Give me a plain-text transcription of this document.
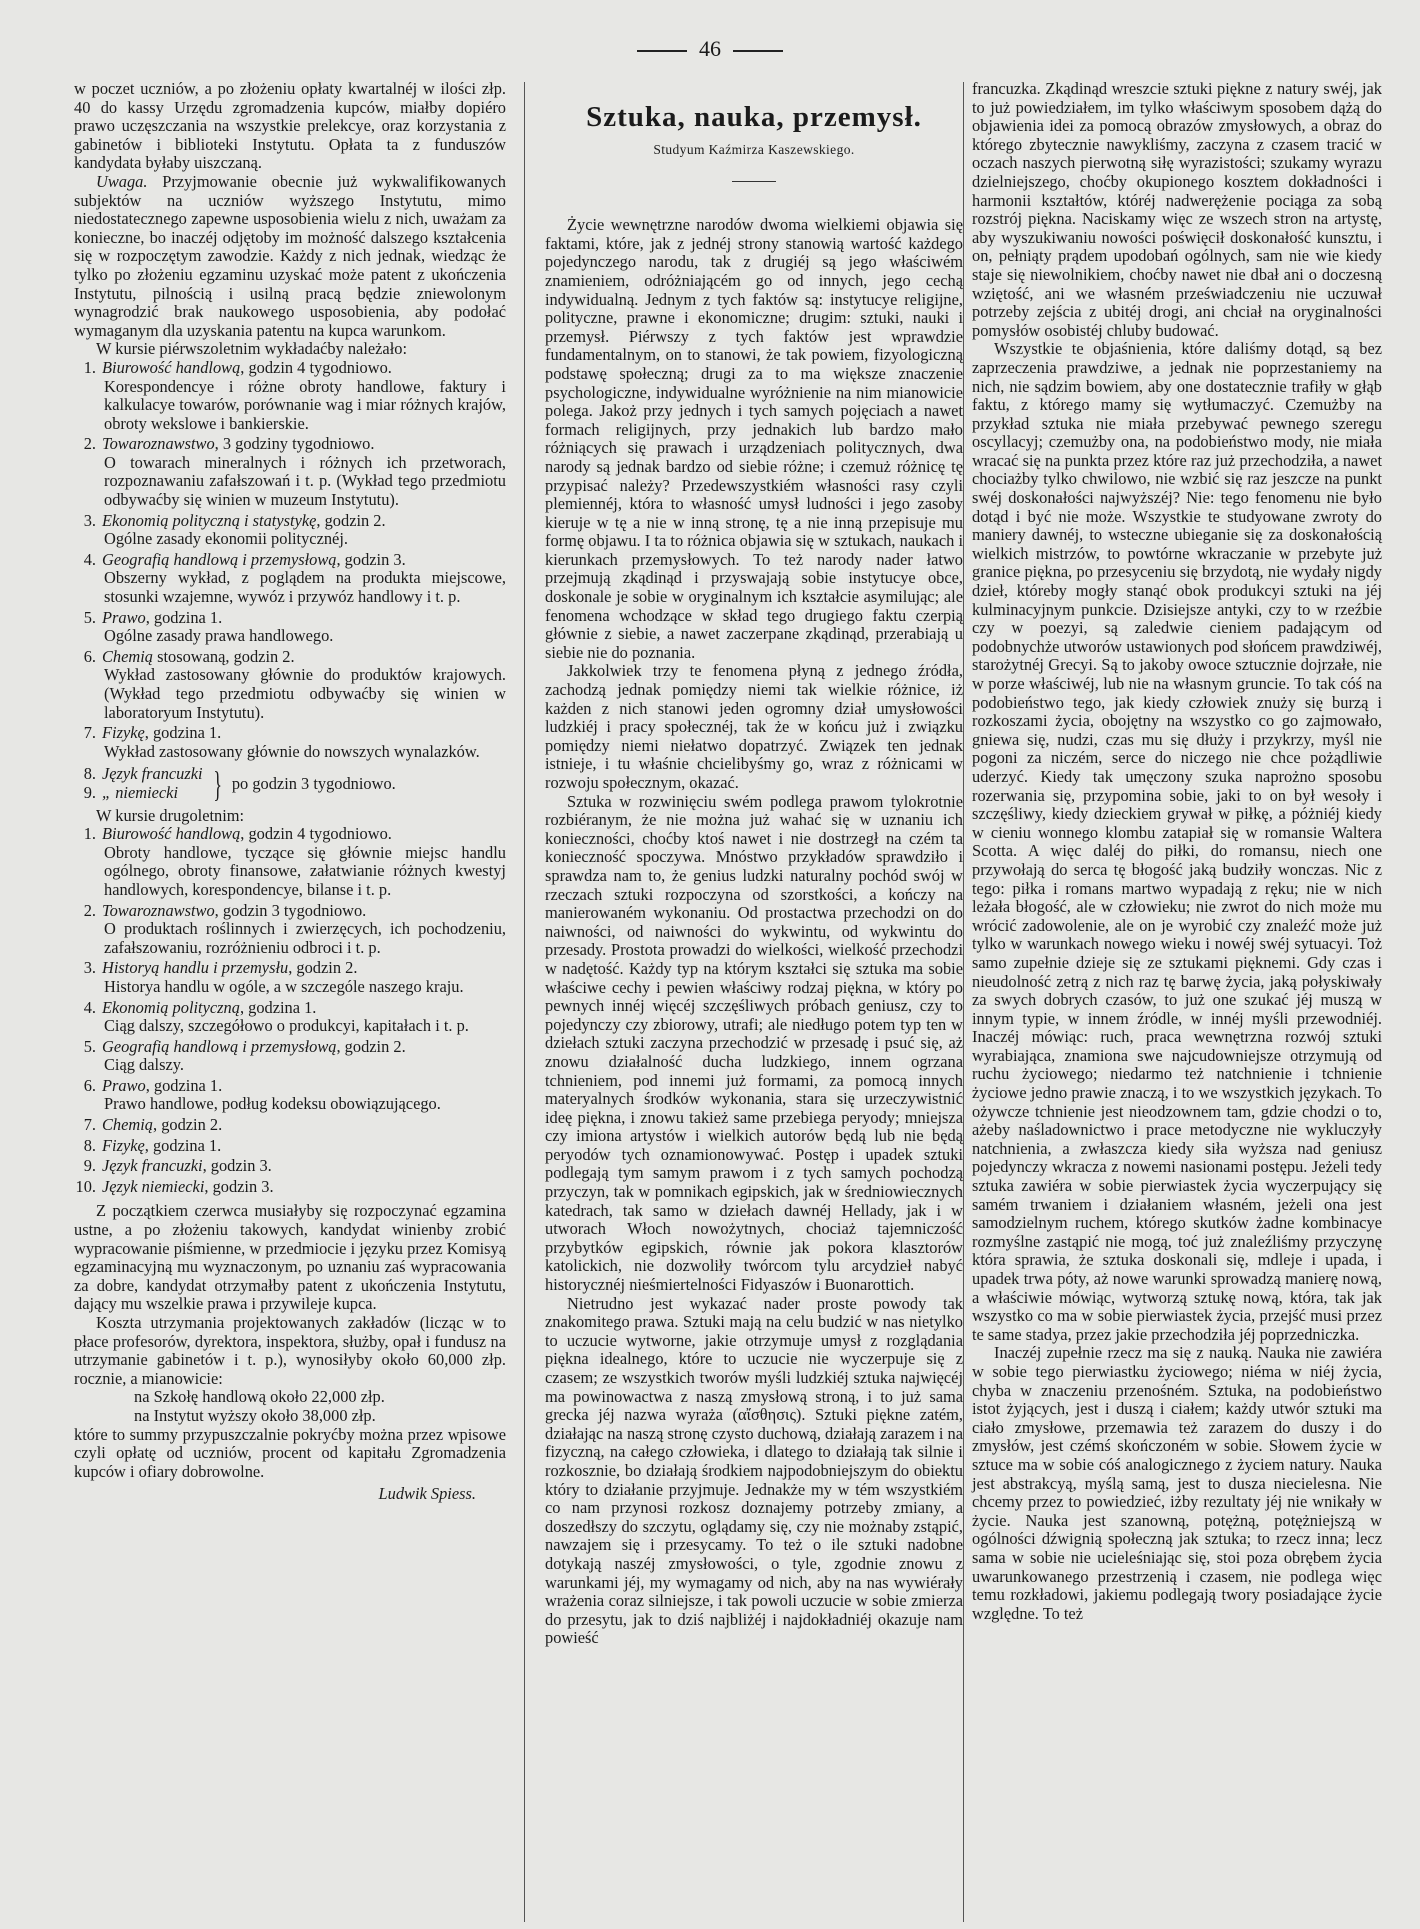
46

w poczet uczniów, a po złożeniu opłaty kwartalnéj w ilości złp. 40 do kassy Urzędu zgromadzenia kupców, miałby dopiéro prawo uczęszczania na wszystkie prelekcye, oraz korzystania z gabinetów i biblioteki Instytutu. Opłata ta z funduszów kandydata byłaby uiszczaną.

Uwaga. Przyjmowanie obecnie już wykwalifikowanych subjektów na uczniów wyższego Instytutu, mimo niedostatecznego zapewne usposobienia wielu z nich, uważam za konieczne, bo inaczéj odjętoby im możność dalszego kształcenia się w rozpoczętym zawodzie. Każdy z nich jednak, wiedząc że tylko po złożeniu egzaminu uzyskać może patent z ukończenia Instytutu, pilnością i usilną pracą będzie zniewolonym wynagrodzić brak naukowego usposobienia, aby podołać wymaganym dla uzyskania patentu na kupca warunkom.

W kursie piérwszoletnim wykładaćby należało:

1. Biurowość handlową, godzin 4 tygodniowo.
Korespondencye i różne obroty handlowe, faktury i kalkulacye towarów, porównanie wag i miar różnych krajów, obroty wekslowe i bankierskie.
2. Towaroznawstwo, 3 godziny tygodniowo.
O towarach mineralnych i różnych ich przetworach, rozpoznawaniu zafałszowań i t. p. (Wykład tego przedmiotu odbywaćby się winien w muzeum Instytutu).
3. Ekonomią polityczną i statystykę, godzin 2.
Ogólne zasady ekonomii politycznéj.
4. Geografią handlową i przemysłową, godzin 3.
Obszerny wykład, z poglądem na produkta miejscowe, stosunki wzajemne, wywóz i przywóz handlowy i t. p.
5. Prawo, godzina 1.
Ogólne zasady prawa handlowego.
6. Chemią stosowaną, godzin 2.
Wykład zastosowany głównie do produktów krajowych. (Wykład tego przedmiotu odbywaćby się winien w laboratoryum Instytutu).
7. Fizykę, godzina 1.
Wykład zastosowany głównie do nowszych wynalazków.
8. Język francuzki
9. „ niemiecki } po godzin 3 tygodniowo.

W kursie drugoletnim:

1. Biurowość handlową, godzin 4 tygodniowo.
Obroty handlowe, tyczące się głównie miejsc handlu ogólnego, obroty finansowe, załatwianie różnych kwestyj handlowych, korespondencye, bilanse i t. p.
2. Towaroznawstwo, godzin 3 tygodniowo.
O produktach roślinnych i zwierzęcych, ich pochodzeniu, zafałszowaniu, rozróżnieniu odbroci i t. p.
3. Historyą handlu i przemysłu, godzin 2.
Historya handlu w ogóle, a w szczególe naszego kraju.
4. Ekonomią polityczną, godzina 1.
Ciąg dalszy, szczegółowo o produkcyi, kapitałach i t. p.
5. Geografią handlową i przemysłową, godzin 2.
Ciąg dalszy.
6. Prawo, godzina 1.
Prawo handlowe, podług kodeksu obowiązującego.
7. Chemią, godzin 2.
8. Fizykę, godzina 1.
9. Język francuzki, godzin 3.
10. Język niemiecki, godzin 3.

Z początkiem czerwca musiałyby się rozpoczynać egzamina ustne, a po złożeniu takowych, kandydat winienby zrobić wypracowanie piśmienne, w przedmiocie i języku przez Komisyą egzaminacyjną mu wyznaczonym, po uznaniu zaś wypracowania za dobre, kandydat otrzymałby patent z ukończenia Instytutu, dający mu wszelkie prawa i przywileje kupca.

Koszta utrzymania projektowanych zakładów (licząc w to płace profesorów, dyrektora, inspektora, służby, opał i fundusz na utrzymanie gabinetów i t. p.), wynosiłyby około 60,000 złp. rocznie, a mianowicie:

na Szkołę handlową około 22,000 złp.

na Instytut wyższy około 38,000 złp.

które to summy przypuszczalnie pokryćby można przez wpisowe czyli opłatę od uczniów, procent od kapitału Zgromadzenia kupców i ofiary dobrowolne.

Ludwik Spiess.
Sztuka, nauka, przemysł.
Studyum Kaźmirza Kaszewskiego.

Życie wewnętrzne narodów dwoma wielkiemi objawia się faktami, które, jak z jednéj strony stanowią wartość każdego pojedynczego narodu, tak z drugiéj są jego właściwém znamieniem, odróżniającém go od innych, jego cechą indywidualną. Jednym z tych faktów są: instytucye religijne, polityczne, prawne i ekonomiczne; drugim: sztuki, nauki i przemysł. Piérwszy z tych faktów jest wprawdzie fundamentalnym, on to stanowi, że tak powiem, fizyologiczną podstawę społeczną; drugi za to ma większe znaczenie psychologiczne, indywidualne wyróżnienie na nim mianowicie polega. Jakoż przy jednych i tych samych pojęciach a nawet formach religijnych, przy jednakich lub bardzo mało różniących się prawach i urządzeniach politycznych, dwa narody są jednak bardzo od siebie różne; i czemuż różnicę tę przypisać należy? Przedewszystkiém własności rasy czyli plemiennéj, która to własność umysł ludności i jego zasoby kieruje w tę a nie w inną stronę, tę a nie inną przepisuje mu formę objawu. I ta to różnica objawia się w sztukach, naukach i kierunkach przemysłowych. To też narody nader łatwo przejmują zkądinąd i przyswajają sobie instytucye obce, doskonale je sobie w oryginalnym ich kształcie asymilując; ale fenomena wchodzące w skład tego drugiego faktu czerpią głównie z siebie, a nawet zaczerpane zkądinąd, przerabiają u siebie nie do poznania.

Jakkolwiek trzy te fenomena płyną z jednego źródła, zachodzą jednak pomiędzy niemi tak wielkie różnice, iż każden z nich stanowi jeden ogromny dział umysłowości ludzkiéj i pracy społecznéj, tak że w końcu już i związku pomiędzy niemi niełatwo dopatrzyć. Związek ten jednak istnieje, i tu właśnie chcielibyśmy go, wraz z różnicami w rozwoju społecznym, okazać.

Sztuka w rozwinięciu swém podlega prawom tylokrotnie rozbiéranym, że nie można już wahać się w uznaniu ich konieczności, choćby ktoś nawet i nie dostrzegł na czém ta konieczność spoczywa. Mnóstwo przykładów sprawdziło i sprawdza nam to, że genius ludzki naturalny pochód swój w rzeczach sztuki rozpoczyna od szorstkości, a kończy na manierowaném wykonaniu. Od prostactwa przechodzi on do naiwności, od naiwności do wykwintu, od wykwintu do przesady. Prostota prowadzi do wielkości, wielkość przechodzi w nadętość. Każdy typ na którym kształci się sztuka ma sobie właściwe cechy i pewien właściwy rodzaj piękna, w który po pewnych innéj więcéj szczęśliwych próbach geniusz, czy to pojedynczy czy zbiorowy, utrafi; ale niedługo potem typ ten w dziełach sztuki zaczyna przechodzić w przesadę i psuć się, aż znowu działalność ducha ludzkiego, innem ogrzana tchnieniem, pod innemi już formami, za pomocą innych materyalnych środków wykonania, stara się urzeczywistnić ideę piękna, i znowu takież same przebiega peryody; mniejsza czy imiona artystów i wielkich autorów będą lub nie będą peryodów tych oznamionowywać. Postęp i upadek sztuki podlegają tym samym prawom i z tych samych pochodzą przyczyn, tak w pomnikach egipskich, jak w średniowiecznych katedrach, tak samo w dziełach dawnéj Hellady, jak i w utworach Włoch nowożytnych, chociaż tajemniczość przybytków egipskich, równie jak pokora klasztorów katolickich, nie dozwoliły twórcom tylu arcydzieł nabyć historycznéj nieśmiertelności Fidyaszów i Buonarottich.

Nietrudno jest wykazać nader proste powody tak znakomitego prawa. Sztuki mają na celu budzić w nas nietylko to uczucie wytworne, jakie otrzymuje umysł z rozglądania piękna idealnego, które to uczucie nie wyczerpuje się z czasem; ze wszystkich tworów myśli ludzkiéj sztuka najwięcéj ma powinowactwa z naszą zmysłową stroną, i to już sama grecka jéj nazwa wyraża (αἴσθησις). Sztuki piękne zatém, działając na naszą stronę czysto duchową, działają zarazem i na fizyczną, na całego człowieka, i dlatego to działają tak silnie i rozkosznie, bo działają środkiem najpodobniejszym do obiektu który to działanie przyjmuje. Jednakże my w tém wszystkiém co nam przynosi rozkosz doznajemy potrzeby zmiany, a doszedłszy do szczytu, oglądamy się, czy nie możnaby zstąpić, nawzajem się i przesycamy. To też o ile sztuki nadobne dotykają naszéj zmysłowości, o tyle, zgodnie znowu z warunkami jéj, my wymagamy od nich, aby na nas wywiérały wrażenia coraz silniejsze, i tak powoli uczucie w sobie zmierza do przesytu, jak to dziś najbliżéj i najdokładniéj okazuje nam powieść

francuzka. Zkądinąd wreszcie sztuki piękne z natury swéj, jak to już powiedziałem, im tylko właściwym sposobem dążą do objawienia idei za pomocą obrazów zmysłowych, a obraz do którego zbytecznie nawykliśmy, zaczyna z czasem tracić w oczach naszych pierwotną siłę wyrazistości; szukamy wyrazu dzielniejszego, choćby okupionego kosztem dokładności i harmonii kształtów, któréj nadwerężenie pociąga za sobą rozstrój piękna. Naciskamy więc ze wszech stron na artystę, aby wyszukiwaniu nowości poświęcił doskonałość kunsztu, i on, pełniąty prądem upodobań ogólnych, sam nie wie kiedy staje się niewolnikiem, choćby nawet nie dbał ani o doczesną wziętość, ani we własném przeświadczeniu nie uczuwał potrzeby zejścia z ubitéj drogi, ani chciał na oryginalności pomysłów osobistéj chluby budować.

Wszystkie te objaśnienia, które daliśmy dotąd, są bez zaprzeczenia prawdziwe, a jednak nie poprzestaniemy na nich, nie sądzim bowiem, aby one dostatecznie trafiły w głąb faktu, z którego mamy się wytłumaczyć. Czemużby na przykład sztuka nie miała przebywać pewnego szeregu oscyllacyj; czemużby ona, na podobieństwo mody, nie miała wracać się na punkta przez które raz już przechodziła, a nawet chociażby tylko chwilowo, nie wzbić się raz jeszcze na punkt swéj doskonałości najwyższéj? Nie: tego fenomenu nie było dotąd i być nie może. Wszystkie te studyowane zwroty do maniery dawnéj, to wsteczne ubieganie się za doskonałością wielkich mistrzów, to powtórne wkraczanie w przebyte już granice piękna, po przesyceniu się brzydotą, nie wydały nigdy dzieł, któreby mogły stanąć obok produkcyi sztuki na jéj kulminacyjnym punkcie. Dzisiejsze antyki, czy to w rzeźbie czy w poezyi, są zaledwie cieniem padającym od podobnychże utworów ustawionych pod słońcem prawdziwéj, starożytnéj Grecyi. Są to jakoby owoce sztucznie dojrzałe, nie w porze właściwéj, lub nie na własnym gruncie. To tak cóś na podobieństwo tego, jak kiedy człowiek znuży się burzą i rozkoszami życia, obojętny na wszystko co go zajmowało, gniewa się, nudzi, czas mu się dłuży i przykrzy, myśl nie pogoni za niczém, serce do niczego nie chce pożądliwie uderzyć. Kiedy tak umęczony szuka naprożno sposobu rozerwania się, przypomina sobie, jaki to on był wesoły i szczęśliwy, kiedy dzieckiem grywał w piłkę, a póżniéj kiedy w cieniu wonnego klombu zatapiał się w romansie Waltera Scotta. A więc daléj do piłki, do romansu, niech one przywołają do serca tę błogość jaką budziły wonczas. Nic z tego: piłka i romans martwo wypadają z ręku; nie w nich leżała błogość, ale w człowieku; nie zwrot do nich może mu wrócić zadowolenie, ale on je wyrobić czy znaleźć może już tylko w warunkach nowego wieku i nowéj swéj sytuacyi. Toż samo zupełnie dzieje się ze sztukami pięknemi. Gdy czas i nieudolność zetrą z nich raz tę barwę życia, jaką połyskiwały za swych dobrych czasów, to już one szukać jéj muszą w innym typie, w innem źródle, w innéj myśli przewodniéj. Inaczéj mówiąc: ruch, praca wewnętrzna rozwój sztuki wyrabiająca, znamiona swe najcudowniejsze otrzymują od ruchu życiowego; niedarmo też natchnienie i tchnienie życiowe jedno prawie znaczą, i to we wszystkich językach. To ożywcze tchnienie jest nieodzownem tam, gdzie chodzi o to, ażeby naśladownictwo i prace metodyczne nie wykluczyły natchnienia, a zwłaszcza kiedy siła wyższa nad geniusz pojedynczy wkracza z nowemi nasionami postępu. Jeżeli tedy sztuka zawiéra w sobie pierwiastek życia wyczerpujący się samém trwaniem i działaniem własném, jeżeli ona jest samodzielnym ruchem, którego skutków żadne kombinacye rozmyślne zastąpić nie mogą, toć już znaleźliśmy przyczynę która sprawia, że sztuka doskonali się, mdleje i upada, i upadek trwa póty, aż nowe warunki sprowadzą manierę nową, a właściwie mówiąc, wytworzą sztukę nową, która, tak jak wszystko co ma w sobie pierwiastek życia, przejść musi przez te same stadya, przez jakie przechodziła jéj poprzedniczka.

Inaczéj zupełnie rzecz ma się z nauką. Nauka nie zawiéra w sobie tego pierwiastku życiowego; niéma w niéj życia, chyba w znaczeniu przenośném. Sztuka, na podobieństwo istot żyjących, jest i duszą i ciałem; każdy utwór sztuki ma ciało zmysłowe, przemawia też zarazem do duszy i do zmysłów, jest czémś skończoném w sobie. Słowem życie w sztuce ma w sobie cóś analogicznego z życiem natury. Nauka jest abstrakcyą, myślą samą, jest to dusza niecielesna. Nie chcemy przez to powiedzieć, iżby rezultaty jéj nie wnikały w życie. Nauka jest szanowną, potężną, potężniejszą w ogólności dźwignią społeczną jak sztuka; to rzecz inna; lecz sama w sobie nie ucieleśniając się, stoi poza obrębem życia uwarunkowanego przestrzenią i czasem, nie podlega więc temu rozkładowi, jakiemu podlegają twory posiadające życie względne. To też
